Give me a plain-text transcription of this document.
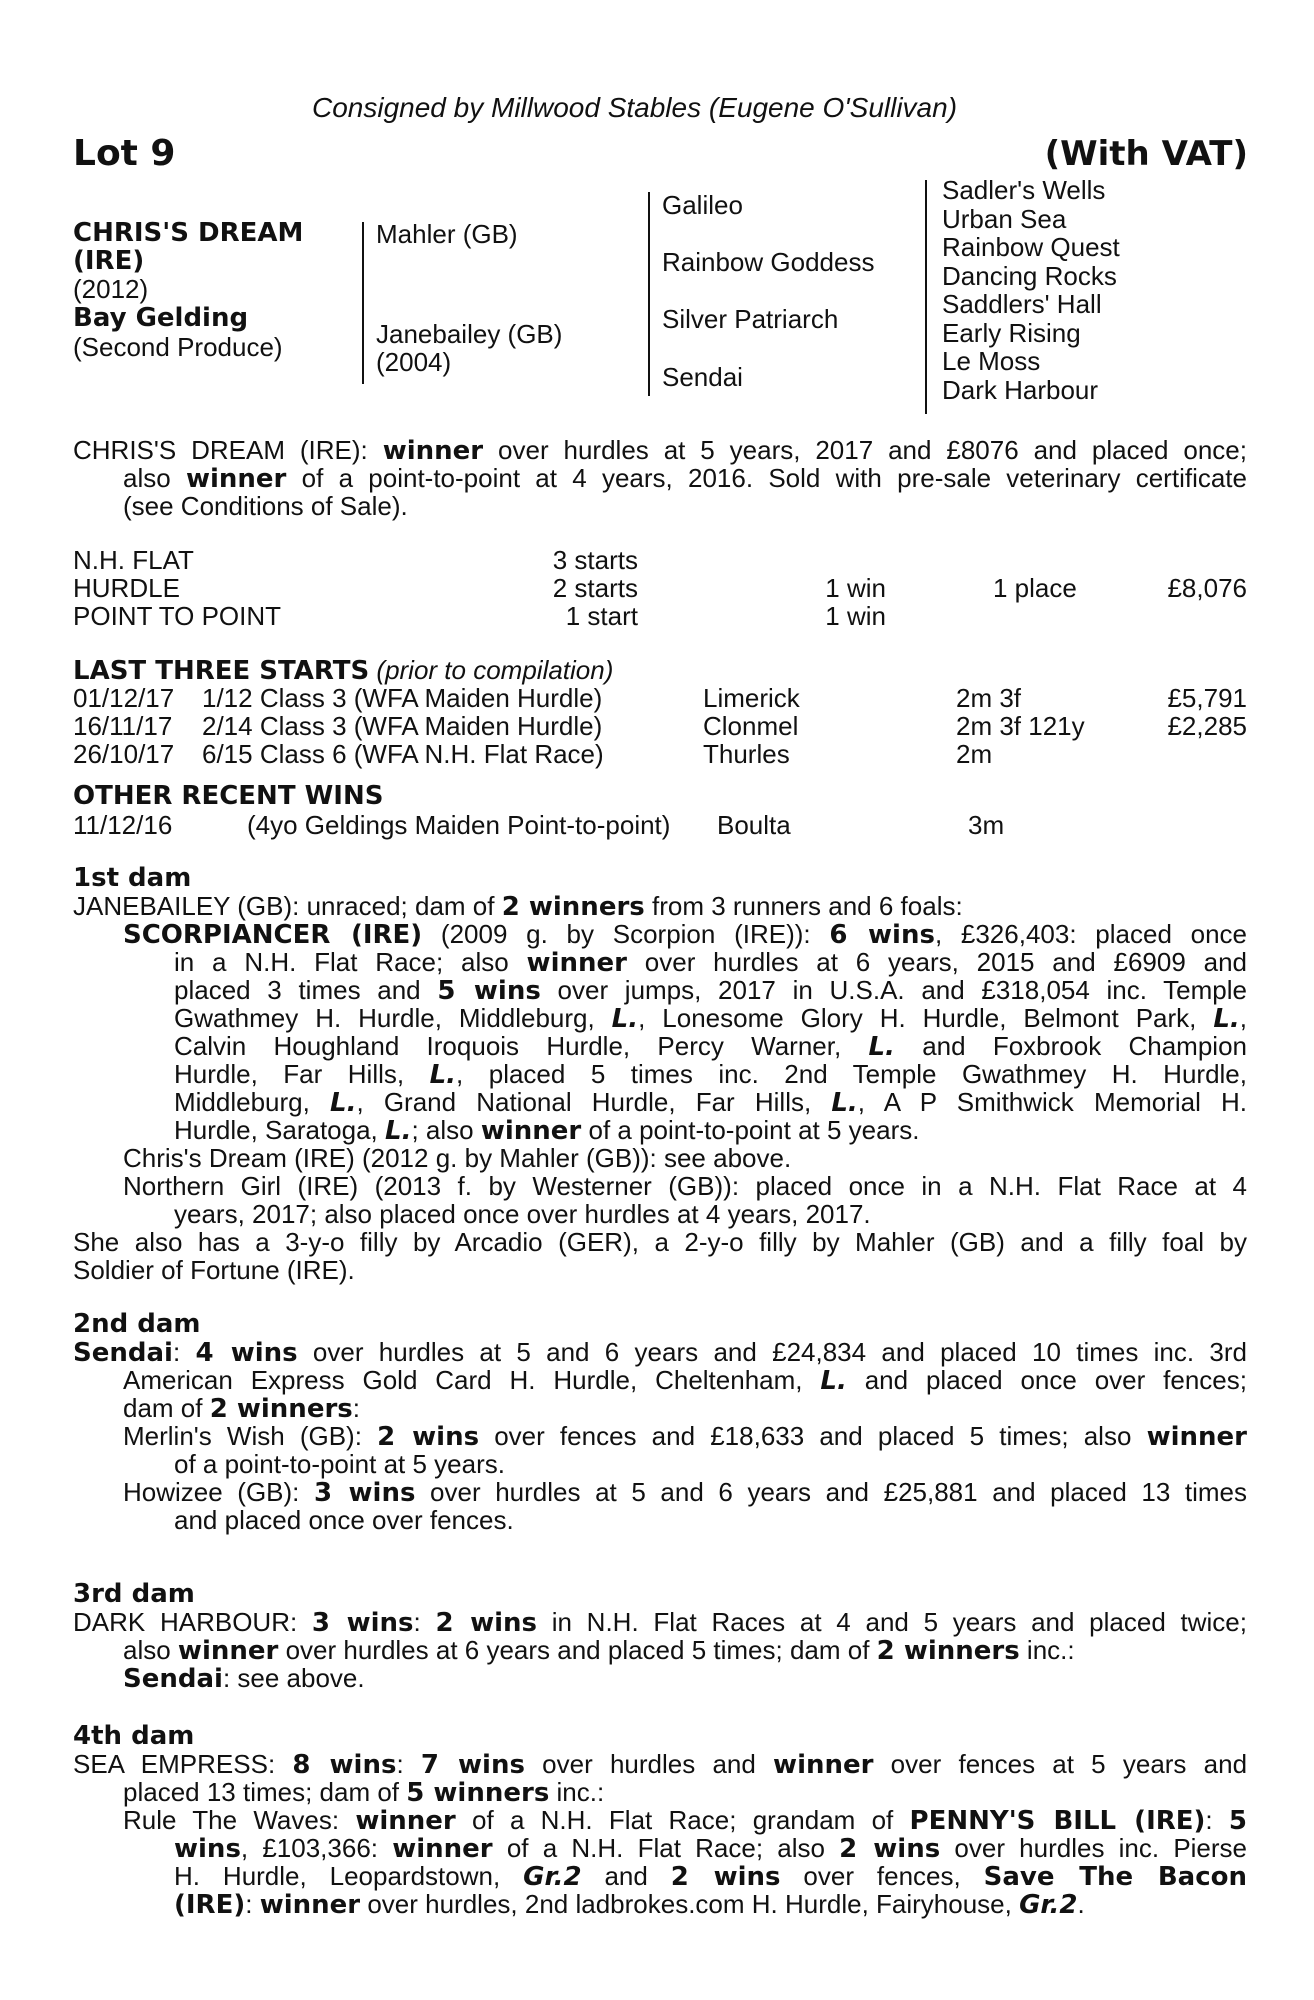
Consigned by Millwood Stables (Eugene O'Sullivan)
Lot 9	(With VAT)
CHRIS'S DREAM
(IRE)
(2012)
Bay Gelding
(Second Produce)
Mahler (GB)
Janebailey (GB)
(2004)
Galileo
Rainbow Goddess
Silver Patriarch
Sendai
Sadler's Wells
Urban Sea
Rainbow Quest
Dancing Rocks
Saddlers' Hall
Early Rising
Le Moss
Dark Harbour
CHRIS'S DREAM (IRE): winner over hurdles at 5 years, 2017 and £8076 and placed once;
also winner of a point-to-point at 4 years, 2016. Sold with pre-sale veterinary certificate
(see Conditions of Sale).
N.H. FLAT	3 starts
HURDLE	2 starts	1 win	1 place	£8,076
POINT TO POINT	1 start	1 win
LAST THREE STARTS (prior to compilation)
01/12/17 1/12 Class 3 (WFA Maiden Hurdle)	Limerick	2m 3f	£5,791
16/11/17 2/14 Class 3 (WFA Maiden Hurdle)	Clonmel	2m 3f 121y	£2,285
26/10/17 6/15 Class 6 (WFA N.H. Flat Race)	Thurles	2m
OTHER RECENT WINS
11/12/16	(4yo Geldings Maiden Point-to-point) Boulta	3m
1st dam
JANEBAILEY (GB): unraced; dam of 2 winners from 3 runners and 6 foals:
SCORPIANCER (IRE) (2009 g. by Scorpion (IRE)): 6 wins, £326,403: placed once
in a N.H. Flat Race; also winner over hurdles at 6 years, 2015 and £6909 and
placed 3 times and 5 wins over jumps, 2017 in U.S.A. and £318,054 inc. Temple
Gwathmey H. Hurdle, Middleburg, L., Lonesome Glory H. Hurdle, Belmont Park, L.,
Calvin Houghland Iroquois Hurdle, Percy Warner, L. and Foxbrook Champion
Hurdle, Far Hills, L., placed 5 times inc. 2nd Temple Gwathmey H. Hurdle,
Middleburg, L., Grand National Hurdle, Far Hills, L., A P Smithwick Memorial H.
Hurdle, Saratoga, L.; also winner of a point-to-point at 5 years.
Chris's Dream (IRE) (2012 g. by Mahler (GB)): see above.
Northern Girl (IRE) (2013 f. by Westerner (GB)): placed once in a N.H. Flat Race at 4
years, 2017; also placed once over hurdles at 4 years, 2017.
She also has a 3-y-o filly by Arcadio (GER), a 2-y-o filly by Mahler (GB) and a filly foal by
Soldier of Fortune (IRE).
2nd dam
Sendai: 4 wins over hurdles at 5 and 6 years and £24,834 and placed 10 times inc. 3rd
American Express Gold Card H. Hurdle, Cheltenham, L. and placed once over fences;
dam of 2 winners:
Merlin's Wish (GB): 2 wins over fences and £18,633 and placed 5 times; also winner
of a point-to-point at 5 years.
Howizee (GB): 3 wins over hurdles at 5 and 6 years and £25,881 and placed 13 times
and placed once over fences.
3rd dam
DARK HARBOUR: 3 wins: 2 wins in N.H. Flat Races at 4 and 5 years and placed twice;
also winner over hurdles at 6 years and placed 5 times; dam of 2 winners inc.:
Sendai: see above.
4th dam
SEA EMPRESS: 8 wins: 7 wins over hurdles and winner over fences at 5 years and
placed 13 times; dam of 5 winners inc.:
Rule The Waves: winner of a N.H. Flat Race; grandam of PENNY'S BILL (IRE): 5
wins, £103,366: winner of a N.H. Flat Race; also 2 wins over hurdles inc. Pierse
H. Hurdle, Leopardstown, Gr.2 and 2 wins over fences, Save The Bacon
(IRE): winner over hurdles, 2nd ladbrokes.com H. Hurdle, Fairyhouse, Gr.2.
